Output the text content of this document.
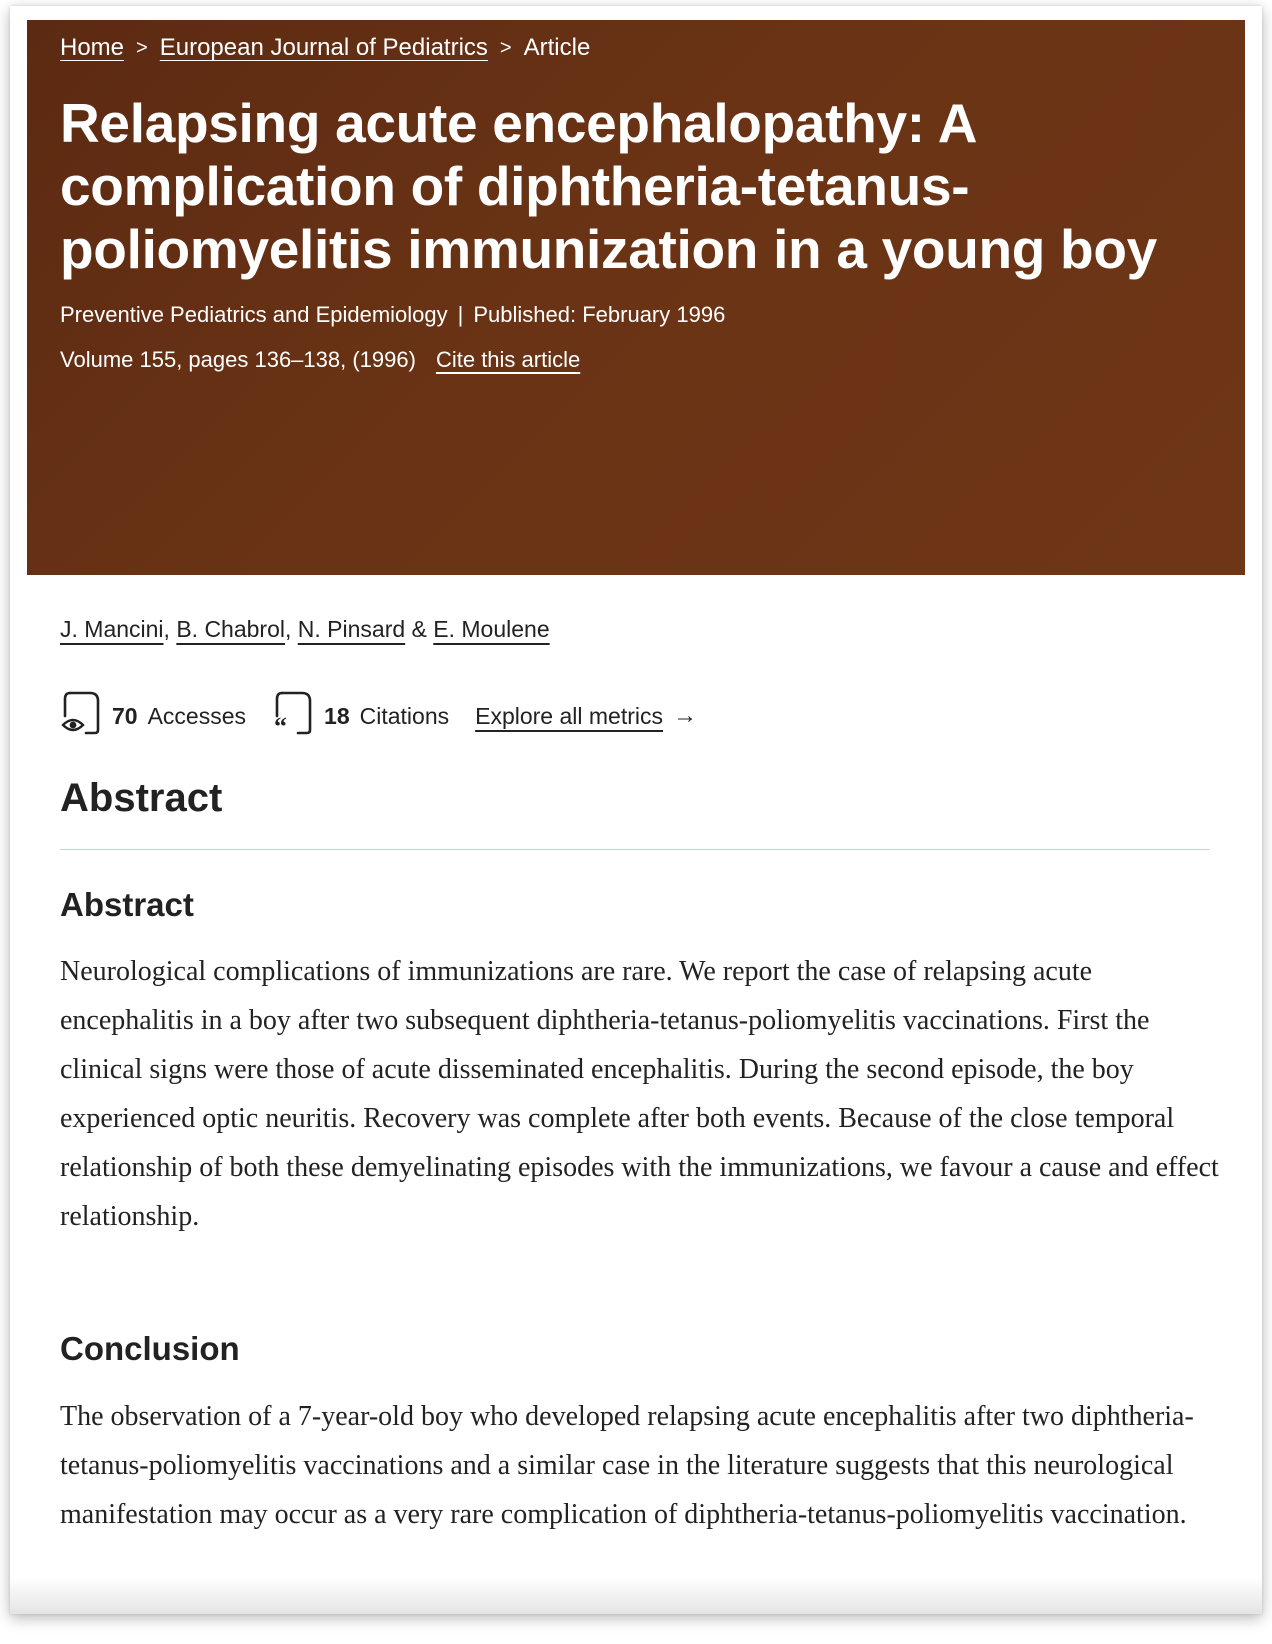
Home > European Journal of Pediatrics > Article
Relapsing acute encephalopathy: A complication of diphtheria-tetanus-poliomyelitis immunization in a young boy
Preventive Pediatrics and Epidemiology | Published: February 1996
Volume 155, pages 136–138, (1996) Cite this article
J. Mancini, B. Chabrol, N. Pinsard & E. Moulene
70 Accesses “ 18 Citations Explore all metrics →
Abstract
Abstract

Neurological complications of immunizations are rare. We report the case of relapsing acute encephalitis in a boy after two subsequent diphtheria-tetanus-poliomyelitis vaccinations. First the clinical signs were those of acute disseminated encephalitis. During the second episode, the boy experienced optic neuritis. Recovery was complete after both events. Because of the close temporal relationship of both these demyelinating episodes with the immunizations, we favour a cause and effect relationship.

Conclusion

The observation of a 7-year-old boy who developed relapsing acute encephalitis after two diphtheria-tetanus-poliomyelitis vaccinations and a similar case in the literature suggests that this neurological manifestation may occur as a very rare complication of diphtheria-tetanus-poliomyelitis vaccination.
